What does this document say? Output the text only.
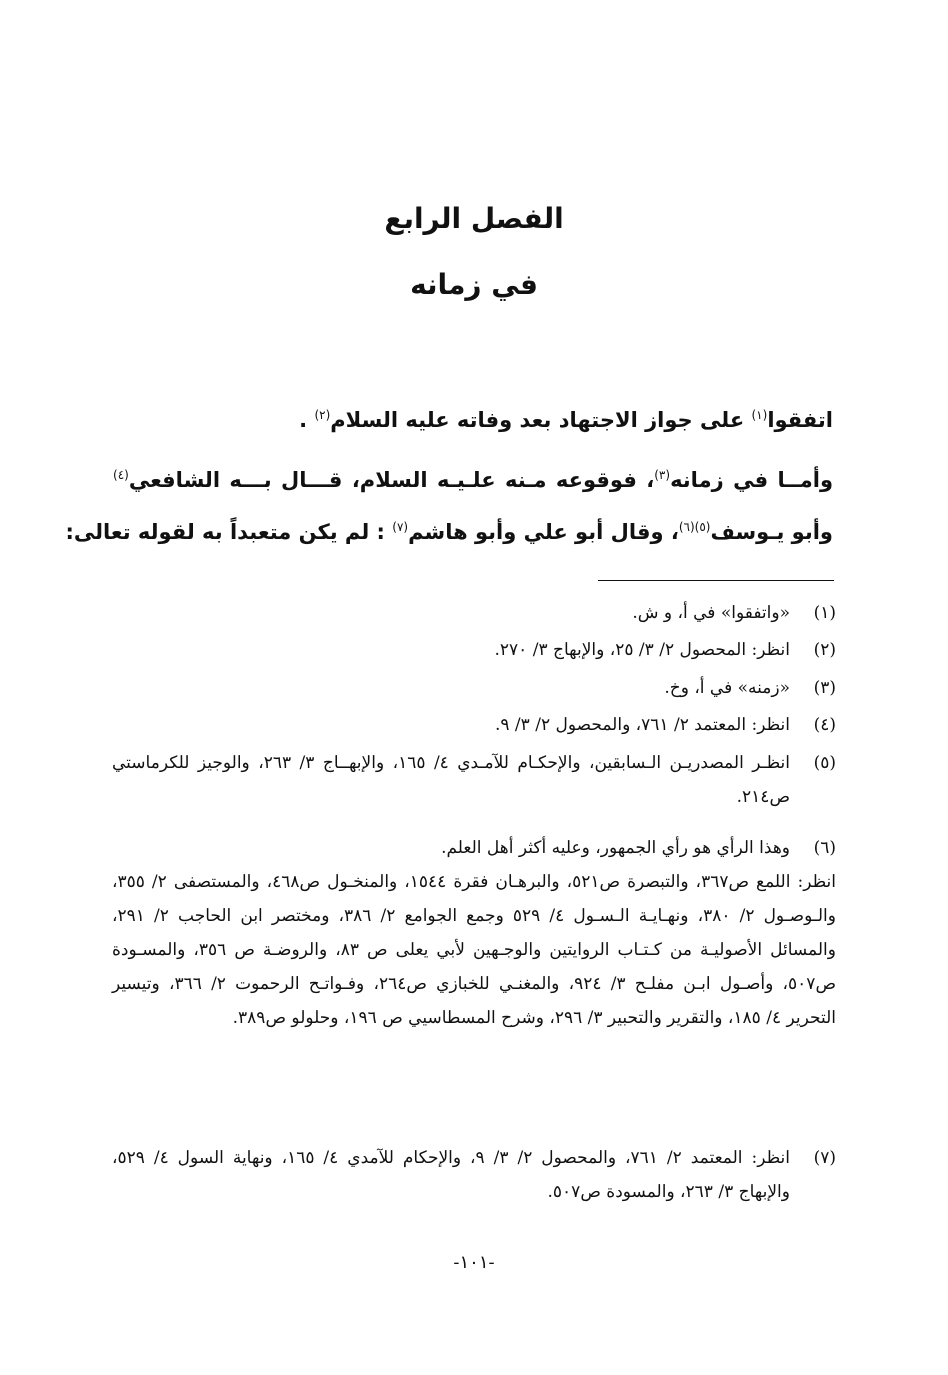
الفصل الرابع
في زمانه
اتفقوا$^{(١)}$ على جواز الاجتهاد بعد وفاته عليه السلام$^{(٢)}$ .
وأمــا في زمانه$^{(٣)}$، فوقوعه مـنه علـيـه السلام، قـــال بـــه الشافعي$^{(٤)}$
وأبو يـوسف$^{(٥)(٦)}$، وقال أبو علي وأبو هاشم$^{(٧)}$ : لم يكن متعبداً به لقوله تعالى:
(١)
«واتفقوا» في أ، و ش.
(٢)
انظر: المحصول ٢/ ٣/ ٢٥، والإبهاج ٣/ ٢٧٠.
(٣)
«زمنه» في أ، وخ.
(٤)
انظر: المعتمد ٢/ ٧٦١، والمحصول ٢/ ٣/ ٩.
(٥)
انظـر المصدريـن الـسابقين، والإحكـام للآمـدي ٤/ ١٦٥، والإبهــاج ٣/ ٢٦٣، والوجيز للكرماستي ص٢١٤.
(٦)
وهذا الرأي هو رأي الجمهور، وعليه أكثر أهل العلم.
انظر: اللمع ص٣٦٧، والتبصرة ص٥٢١، والبرهـان فقرة ١٥٤٤، والمنخـول ص٤٦٨، والمستصفى ٢/ ٣٥٥، والـوصـول ٢/ ٣٨٠، ونهـايـة الـسـول ٤/ ٥٢٩ وجمع الجوامع ٢/ ٣٨٦، ومختصر ابن الحاجب ٢/ ٢٩١، والمسائل الأصوليـة من كـتـاب الروايتين والوجـهين لأبي يعلى ص ٨٣، والروضـة ص ٣٥٦، والمسـودة ص٥٠٧، وأصـول ابـن مفلـح ٣/ ٩٢٤، والمغنـي للخبازي ص٢٦٤، وفـواتـح الرحموت ٢/ ٣٦٦، وتيسير التحرير ٤/ ١٨٥، والتقرير والتحبير ٣/ ٢٩٦، وشرح المسطاسيي ص ١٩٦، وحلولو ص٣٨٩.
(٧)
انظر: المعتمد ٢/ ٧٦١، والمحصول ٢/ ٣/ ٩، والإحكام للآمدي ٤/ ١٦٥، ونهاية السول ٤/ ٥٢٩، والإبهاج ٣/ ٢٦٣، والمسودة ص٥٠٧.
-١٠١-
